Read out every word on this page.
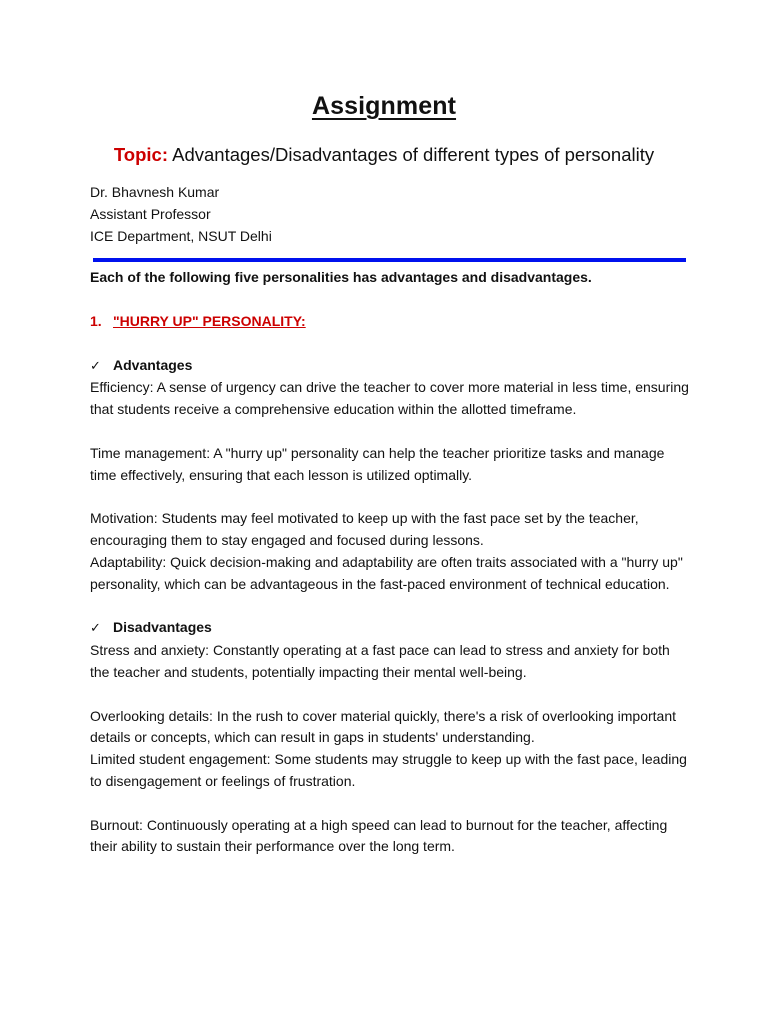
Assignment
Topic: Advantages/Disadvantages of different types of personality
Dr. Bhavnesh Kumar
Assistant Professor
ICE Department, NSUT Delhi

Each of the following five personalities has advantages and disadvantages.

1. "HURRY UP" PERSONALITY:
✓ Advantages

Efficiency: A sense of urgency can drive the teacher to cover more material in less time, ensuring that students receive a comprehensive education within the allotted timeframe.

Time management: A "hurry up" personality can help the teacher prioritize tasks and manage time effectively, ensuring that each lesson is utilized optimally.

Motivation: Students may feel motivated to keep up with the fast pace set by the teacher, encouraging them to stay engaged and focused during lessons.

Adaptability: Quick decision-making and adaptability are often traits associated with a "hurry up" personality, which can be advantageous in the fast-paced environment of technical education.

✓ Disadvantages

Stress and anxiety: Constantly operating at a fast pace can lead to stress and anxiety for both the teacher and students, potentially impacting their mental well-being.

Overlooking details: In the rush to cover material quickly, there's a risk of overlooking important details or concepts, which can result in gaps in students' understanding.

Limited student engagement: Some students may struggle to keep up with the fast pace, leading to disengagement or feelings of frustration.

Burnout: Continuously operating at a high speed can lead to burnout for the teacher, affecting their ability to sustain their performance over the long term.
